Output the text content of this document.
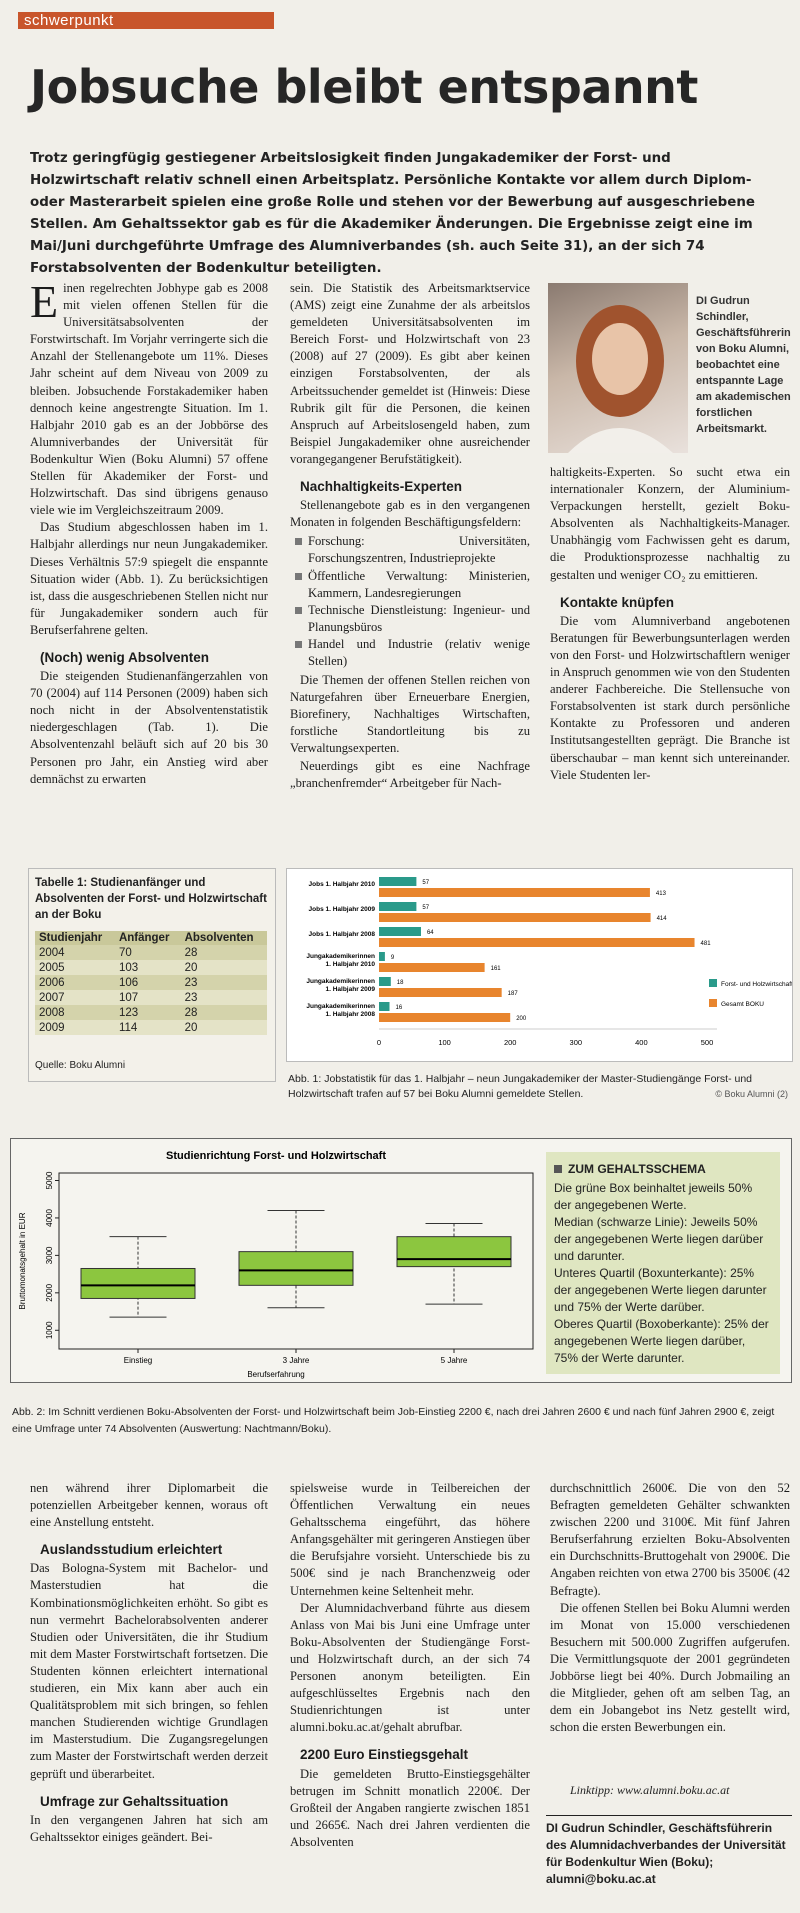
schwerpunkt
Jobsuche bleibt entspannt
Trotz geringfügig gestiegener Arbeitslosigkeit finden Jungakademiker der Forst- und Holzwirtschaft relativ schnell einen Arbeitsplatz. Persönliche Kontakte vor allem durch Diplom- oder Masterarbeit spielen eine große Rolle und stehen vor der Bewerbung auf ausgeschriebene Stellen. Am Gehaltssektor gab es für die Akademiker Änderungen. Die Ergebnisse zeigt eine im Mai/Juni durchgeführte Umfrage des Alumniverbandes (sh. auch Seite 31), an der sich 74 Forstabsolventen der Bodenkultur beteiligten.

Einen regelrechten Jobhype gab es 2008 mit vielen offenen Stellen für die Universitätsabsolventen der Forstwirtschaft. Im Vorjahr verringerte sich die Anzahl der Stellenangebote um 11%. Dieses Jahr scheint auf dem Niveau von 2009 zu bleiben. Jobsuchende Forstakademiker haben dennoch keine angestrengte Situation. Im 1. Halbjahr 2010 gab es an der Jobbörse des Alumniverbandes der Universität für Bodenkultur Wien (Boku Alumni) 57 offene Stellen für Akademiker der Forst- und Holzwirtschaft. Das sind übrigens genauso viele wie im Vergleichszeitraum 2009.

Das Studium abgeschlossen haben im 1. Halbjahr allerdings nur neun Jungakademiker. Dieses Verhältnis 57:9 spiegelt die enspannte Situation wider (Abb. 1). Zu berücksichtigen ist, dass die ausgeschriebenen Stellen nicht nur für Jungakademiker sondern auch für Berufserfahrene gelten.

(Noch) wenig Absolventen

Die steigenden Studienanfängerzahlen von 70 (2004) auf 114 Personen (2009) haben sich noch nicht in der Absolventenstatistik niedergeschlagen (Tab. 1). Die Absolventenzahl beläuft sich auf 20 bis 30 Personen pro Jahr, ein Anstieg wird aber demnächst zu erwarten

sein. Die Statistik des Arbeitsmarktservice (AMS) zeigt eine Zunahme der als arbeitslos gemeldeten Universitätsabsolventen im Bereich Forst- und Holzwirtschaft von 23 (2008) auf 27 (2009). Es gibt aber keinen einzigen Forstabsolventen, der als Arbeitssuchender gemeldet ist (Hinweis: Diese Rubrik gilt für die Personen, die keinen Anspruch auf Arbeitslosengeld haben, zum Beispiel Jungakademiker ohne ausreichender vorangegangener Berufstätigkeit).

Nachhaltigkeits-Experten

Stellenangebote gab es in den vergangenen Monaten in folgenden Beschäftigungsfeldern:

Forschung: Universitäten, Forschungszentren, Industrieprojekte
Öffentliche Verwaltung: Ministerien, Kammern, Landesregierungen
Technische Dienstleistung: Ingenieur- und Planungsbüros
Handel und Industrie (relativ wenige Stellen)

Die Themen der offenen Stellen reichen von Naturgefahren über Erneuerbare Energien, Biorefinery, Nachhaltiges Wirtschaften, forstliche Standortleitung bis zu Verwaltungsexperten.

Neuerdings gibt es eine Nachfrage „branchenfremder“ Arbeitgeber für Nach-

DI Gudrun Schindler, Geschäftsführerin von Boku Alumni, beobachtet eine entspannte Lage am akademischen forstlichen Arbeitsmarkt.

haltigkeits-Experten. So sucht etwa ein internationaler Konzern, der Aluminium-Verpackungen herstellt, gezielt Boku-Absolventen als Nachhaltigkeits-Manager. Unabhängig vom Fachwissen geht es darum, die Produktionsprozesse nachhaltig zu gestalten und weniger CO₂ zu emittieren.

Kontakte knüpfen

Die vom Alumniverband angebotenen Beratungen für Bewerbungsunterlagen werden von den Forst- und Holzwirtschaftlern weniger in Anspruch genommen wie von den Studenten anderer Fachbereiche. Die Stellensuche von Forstabsolventen ist stark durch persönliche Kontakte zu Professoren und anderen Institutsangestellten geprägt. Die Branche ist überschaubar – man kennt sich untereinander. Viele Studenten ler-

Tabelle 1: Studienanfänger und Absolventen der Forst- und Holzwirtschaft an der Boku
Studienjahr	Anfänger	Absolventen
2004	70	28
2005	103	20
2006	106	23
2007	107	23
2008	123	28
2009	114	20
Quelle: Boku Alumni
Jobs 1. Halbjahr 2010	57
413
Jobs 1. Halbjahr 2009	57
414
Jobs 1. Halbjahr 2008	64
481
Jungakademikerinnen 1. Halbjahr 2010
9
161
Jungakademikerinnen 1. Halbjahr 2009
18
187
Jungakademikerinnen 1. Halbjahr 2008
16
200
0	100	200	300	400	500
Forst- und Holzwirtschaft
Gesamt BOKU
Abb. 1: Jobstatistik für das 1. Halbjahr – neun Jungakademiker der Master-Studiengänge Forst- und Holzwirtschaft trafen auf 57 bei Boku Alumni gemeldete Stellen.	© Boku Alumni (2)
Studienrichtung Forst- und Holzwirtschaft
1000
2000
3000
4000
5000
Bruttomonatsgehalt in EUR
Einstieg	3 Jahre	5 Jahre
Berufserfahrung
ZUM GEHALTSSCHEMA
Die grüne Box beinhaltet jeweils 50% der angegebenen Werte.
Median (schwarze Linie): Jeweils 50% der angegebenen Werte liegen darüber und darunter.
Unteres Quartil (Boxunterkante): 25% der angegebenen Werte liegen darunter und 75% der Werte darüber.
Oberes Quartil (Boxoberkante): 25% der angegebenen Werte liegen darüber, 75% der Werte darunter.
Abb. 2: Im Schnitt verdienen Boku-Absolventen der Forst- und Holzwirtschaft beim Job-Einstieg 2200 €, nach drei Jahren 2600 € und nach fünf Jahren 2900 €, zeigt eine Umfrage unter 74 Absolventen (Auswertung: Nachtmann/Boku).

nen während ihrer Diplomarbeit die potenziellen Arbeitgeber kennen, woraus oft eine Anstellung entsteht.

Auslandsstudium erleichtert

Das Bologna-System mit Bachelor- und Masterstudien hat die Kombinationsmöglichkeiten erhöht. So gibt es nun vermehrt Bachelorabsolventen anderer Studien oder Universitäten, die ihr Studium mit dem Master Forstwirtschaft fortsetzen. Die Studenten können erleichtert international studieren, ein Mix kann aber auch ein Qualitätsproblem mit sich bringen, so fehlen manchen Studierenden wichtige Grundlagen im Masterstudium. Die Zugangsregelungen zum Master der Forstwirtschaft werden derzeit geprüft und überarbeitet.

Umfrage zur Gehaltssituation

In den vergangenen Jahren hat sich am Gehaltssektor einiges geändert. Bei-

spielsweise wurde in Teilbereichen der Öffentlichen Verwaltung ein neues Gehaltsschema eingeführt, das höhere Anfangsgehälter mit geringeren Anstiegen über die Berufsjahre vorsieht. Unterschiede bis zu 500€ sind je nach Branchenzweig oder Unternehmen keine Seltenheit mehr.

Der Alumnidachverband führte aus diesem Anlass von Mai bis Juni eine Umfrage unter Boku-Absolventen der Studiengänge Forst- und Holzwirtschaft durch, an der sich 74 Personen anonym beteiligten. Ein aufgeschlüsseltes Ergebnis nach den Studienrichtungen ist unter alumni.boku.ac.at/gehalt abrufbar.

2200 Euro Einstiegsgehalt

Die gemeldeten Brutto-Einstiegsgehälter betrugen im Schnitt monatlich 2200€. Der Großteil der Angaben rangierte zwischen 1851 und 2665€. Nach drei Jahren verdienten die Absolventen

durchschnittlich 2600€. Die von den 52 Befragten gemeldeten Gehälter schwankten zwischen 2200 und 3100€. Mit fünf Jahren Berufserfahrung erzielten Boku-Absolventen ein Durchschnitts-Bruttogehalt von 2900€. Die Angaben reichten von etwa 2700 bis 3500€ (42 Befragte).

Die offenen Stellen bei Boku Alumni werden im Monat von 15.000 verschiedenen Besuchern mit 500.000 Zugriffen aufgerufen. Die Vermittlungsquote der 2001 gegründeten Jobbörse liegt bei 40%. Durch Jobmailing an die Mitglieder, gehen oft am selben Tag, an dem ein Jobangebot ins Netz gestellt wird, schon die ersten Bewerbungen ein.

Linktipp: www.alumni.boku.ac.at
DI Gudrun Schindler, Geschäftsführerin des Alumnidachverbandes der Universität für Bodenkultur Wien (Boku); alumni@boku.ac.at
